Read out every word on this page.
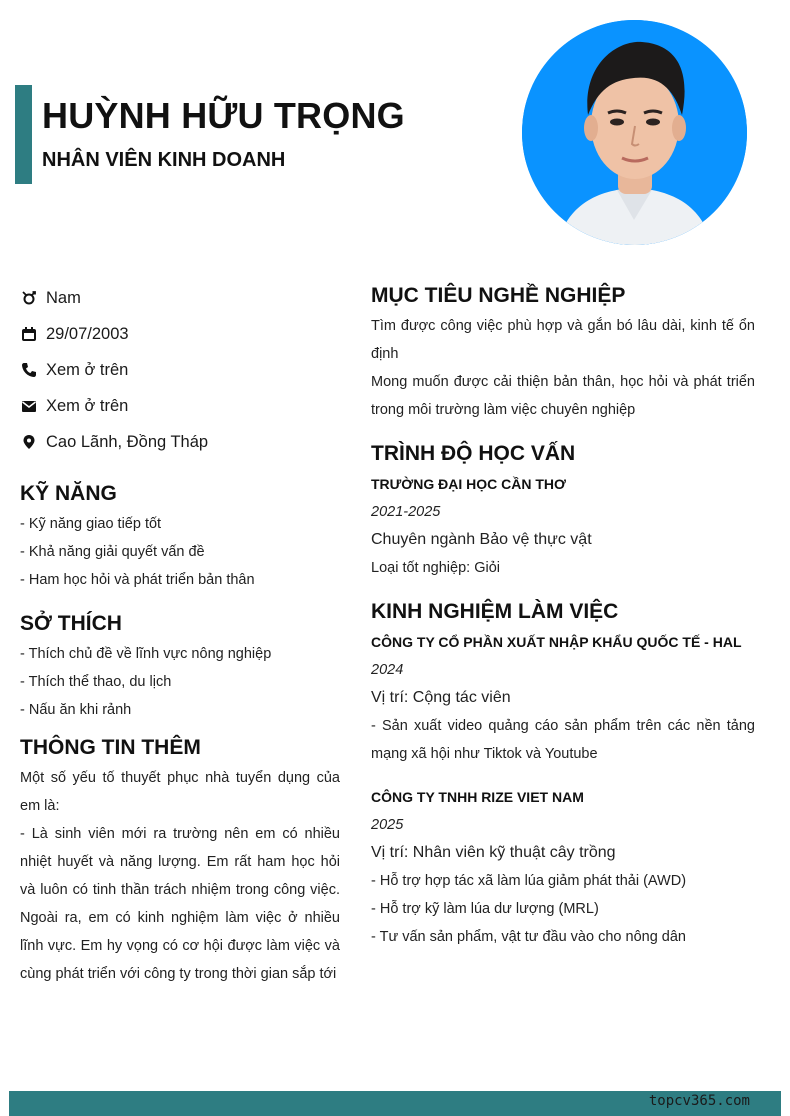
HUỲNH HỮU TRỌNG
NHÂN VIÊN KINH DOANH
Nam
29/07/2003
Xem ở trên
Xem ở trên
Cao Lãnh, Đồng Tháp
KỸ NĂNG
- Kỹ năng giao tiếp tốt
- Khả năng giải quyết vấn đề
- Ham học hỏi và phát triển bản thân
SỞ THÍCH
- Thích chủ đề về lĩnh vực nông nghiệp
- Thích thể thao, du lịch
- Nấu ăn khi rảnh
THÔNG TIN THÊM
Một số yếu tố thuyết phục nhà tuyển dụng của em là:
- Là sinh viên mới ra trường nên em có nhiều nhiệt huyết và năng lượng. Em rất ham học hỏi và luôn có tinh thần trách nhiệm trong công việc. Ngoài ra, em có kinh nghiệm làm việc ở nhiều lĩnh vực. Em hy vọng có cơ hội được làm việc và cùng phát triển với công ty trong thời gian sắp tới
MỤC TIÊU NGHỀ NGHIỆP
Tìm được công việc phù hợp và gắn bó lâu dài, kinh tế ổn định
Mong muốn được cải thiện bản thân, học hỏi và phát triển trong môi trường làm việc chuyên nghiệp
TRÌNH ĐỘ HỌC VẤN
TRƯỜNG ĐẠI HỌC CẦN THƠ
2021-2025
Chuyên ngành Bảo vệ thực vật
Loại tốt nghiệp: Giỏi
KINH NGHIỆM LÀM VIỆC
CÔNG TY CỔ PHẦN XUẤT NHẬP KHẨU QUỐC TẾ - HAL
2024
Vị trí: Cộng tác viên
- Sản xuất video quảng cáo sản phẩm trên các nền tảng mạng xã hội như Tiktok và Youtube
CÔNG TY TNHH RIZE VIET NAM
2025
Vị trí: Nhân viên kỹ thuật cây trồng
- Hỗ trợ hợp tác xã làm lúa giảm phát thải (AWD)
- Hỗ trợ kỹ làm lúa dư lượng (MRL)
- Tư vấn sản phẩm, vật tư đầu vào cho nông dân
topcv365.com
